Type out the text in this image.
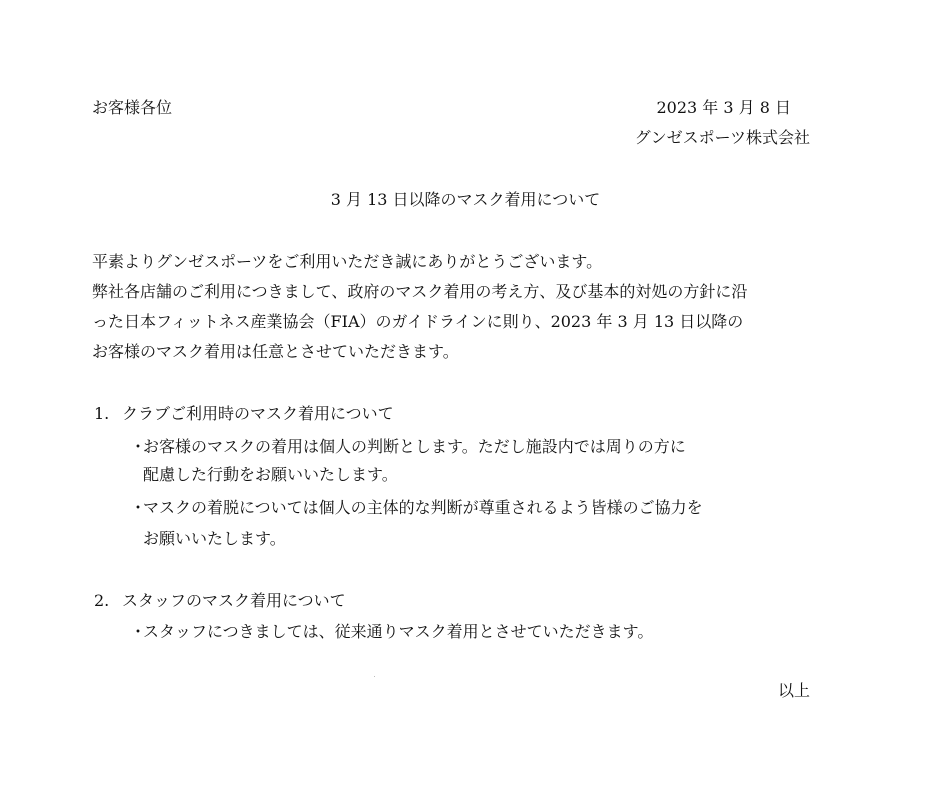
お客様各位	2023 年 3 月 8 日
グンゼスポーツ株式会社
3 月 13 日以降のマスク着用について
平素よりグンゼスポーツをご利用いただき誠にありがとうございます。
弊社各店舗のご利用につきまして、政府のマスク着用の考え方、及び基本的対処の方針に沿
った日本フィットネス産業協会（FIA）のガイドラインに則り、2023 年 3 月 13 日以降の
お客様のマスク着用は任意とさせていただきます。
1. クラブご利用時のマスク着用について
・お客様のマスクの着用は個人の判断とします。ただし施設内では周りの方に
配慮した行動をお願いいたします。
・マスクの着脱については個人の主体的な判断が尊重されるよう皆様のご協力を
お願いいたします。
2. スタッフのマスク着用について
・スタッフにつきましては、従来通りマスク着用とさせていただきます。
以上
